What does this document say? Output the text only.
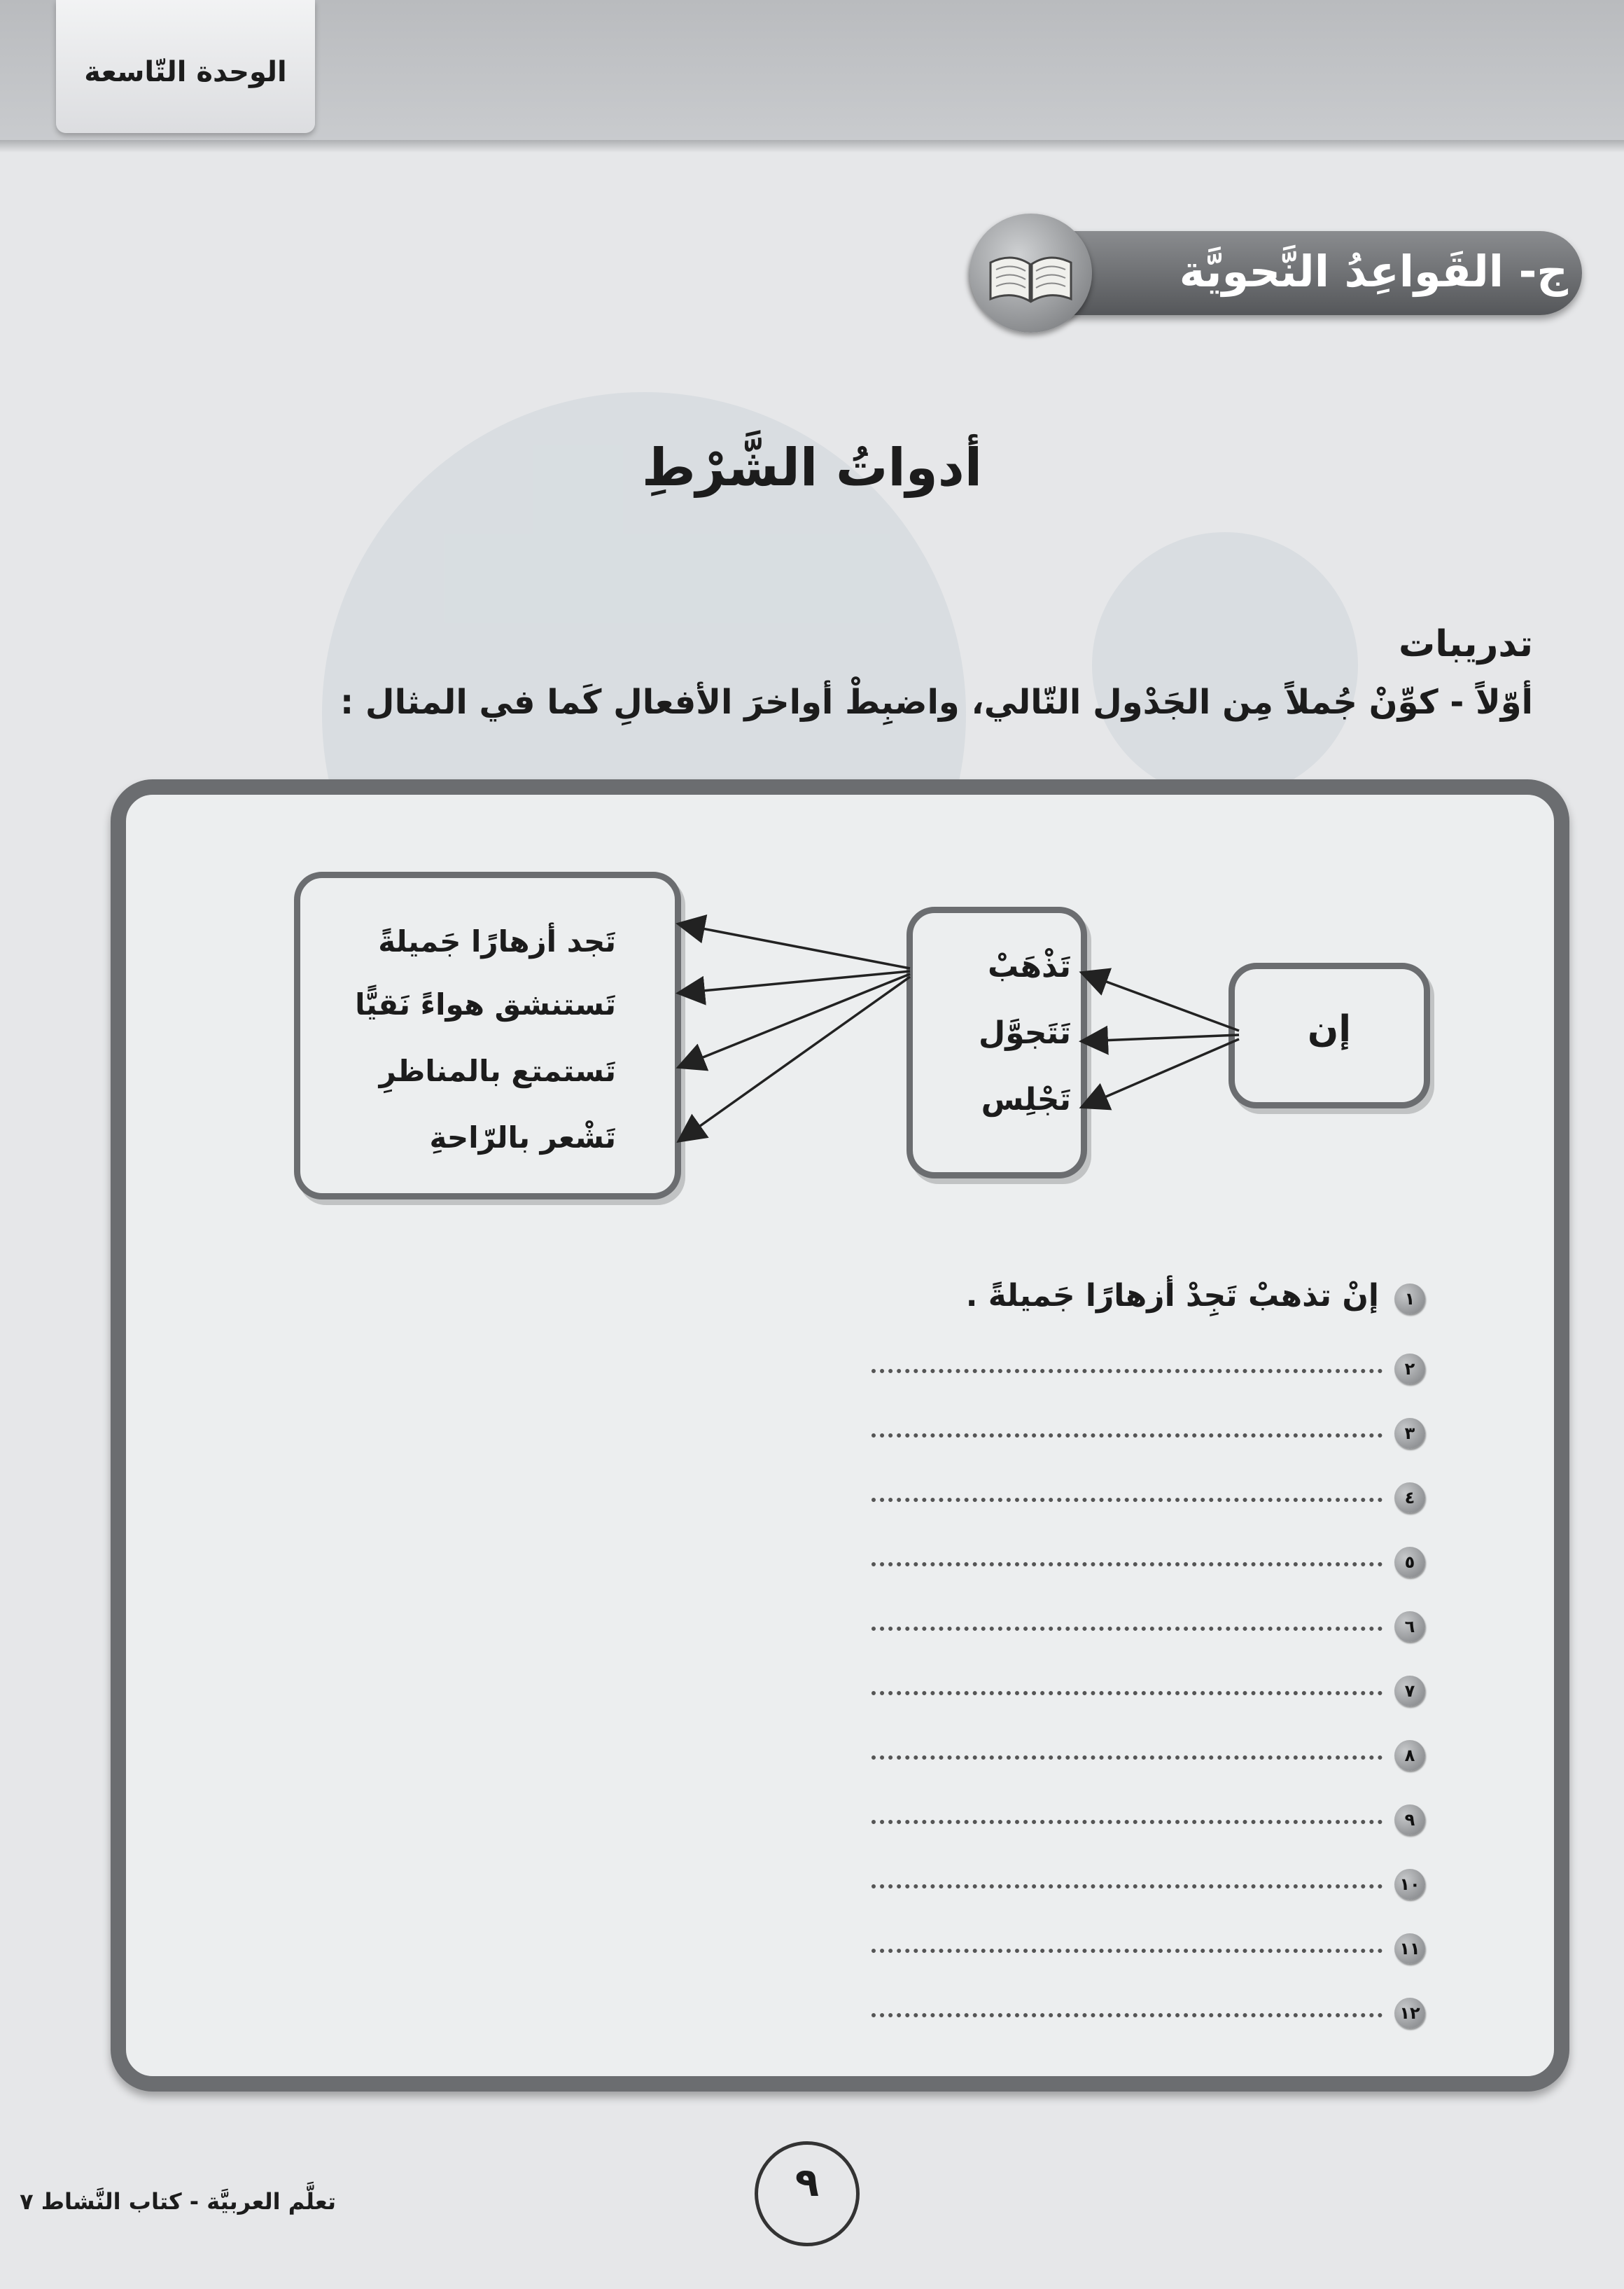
الوحدة التّاسعة
ج- القَواعِدُ النَّحويَّة
أدواتُ الشَّرْطِ
تدريبات
أوّلاً - كوِّنْ جُملاً مِن الجَدْول التّالي، واضبِطْ أواخرَ الأفعالِ كَما في المثال :
إن
تَذْهَبْ
تَتَجوَّل
تَجْلِس
تَجد أزهارًا جَميلةً
تَستنشق هواءً نَقيًّا
تَستمتع بالمناظرِ
تَشْعر بالرّاحةِ
١
إنْ تذهبْ تَجِدْ أزهارًا جَميلةً .
٢
٣
٤
٥
٦
٧
٨
٩
١٠
١١
١٢
٩
تعلَّم العربيَّة - كتاب النَّشاط ٧
